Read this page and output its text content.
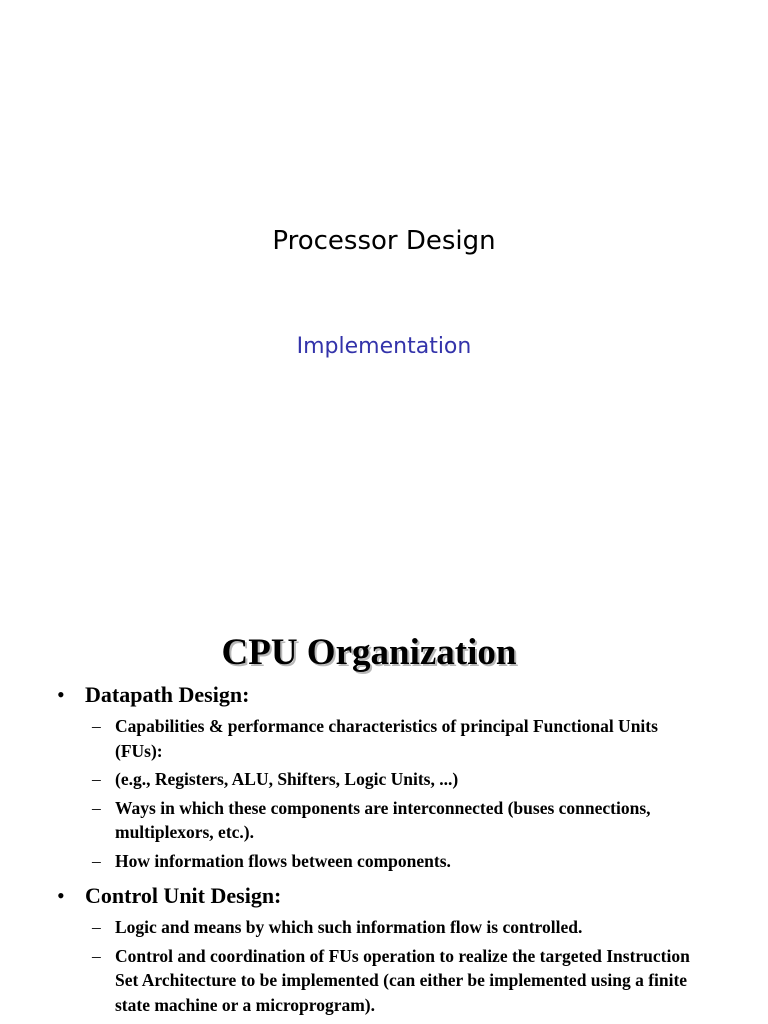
Processor Design
Implementation
CPU Organization
• Datapath Design:
– Capabilities & performance characteristics of principal Functional Units (FUs):
– (e.g., Registers, ALU, Shifters, Logic Units, ...)
– Ways in which these components are interconnected (buses connections, multiplexors, etc.).
– How information flows between components.
• Control Unit Design:
– Logic and means by which such information flow is controlled.
– Control and coordination of FUs operation to realize the targeted Instruction Set Architecture to be implemented (can either be implemented using a finite state machine or a microprogram).
